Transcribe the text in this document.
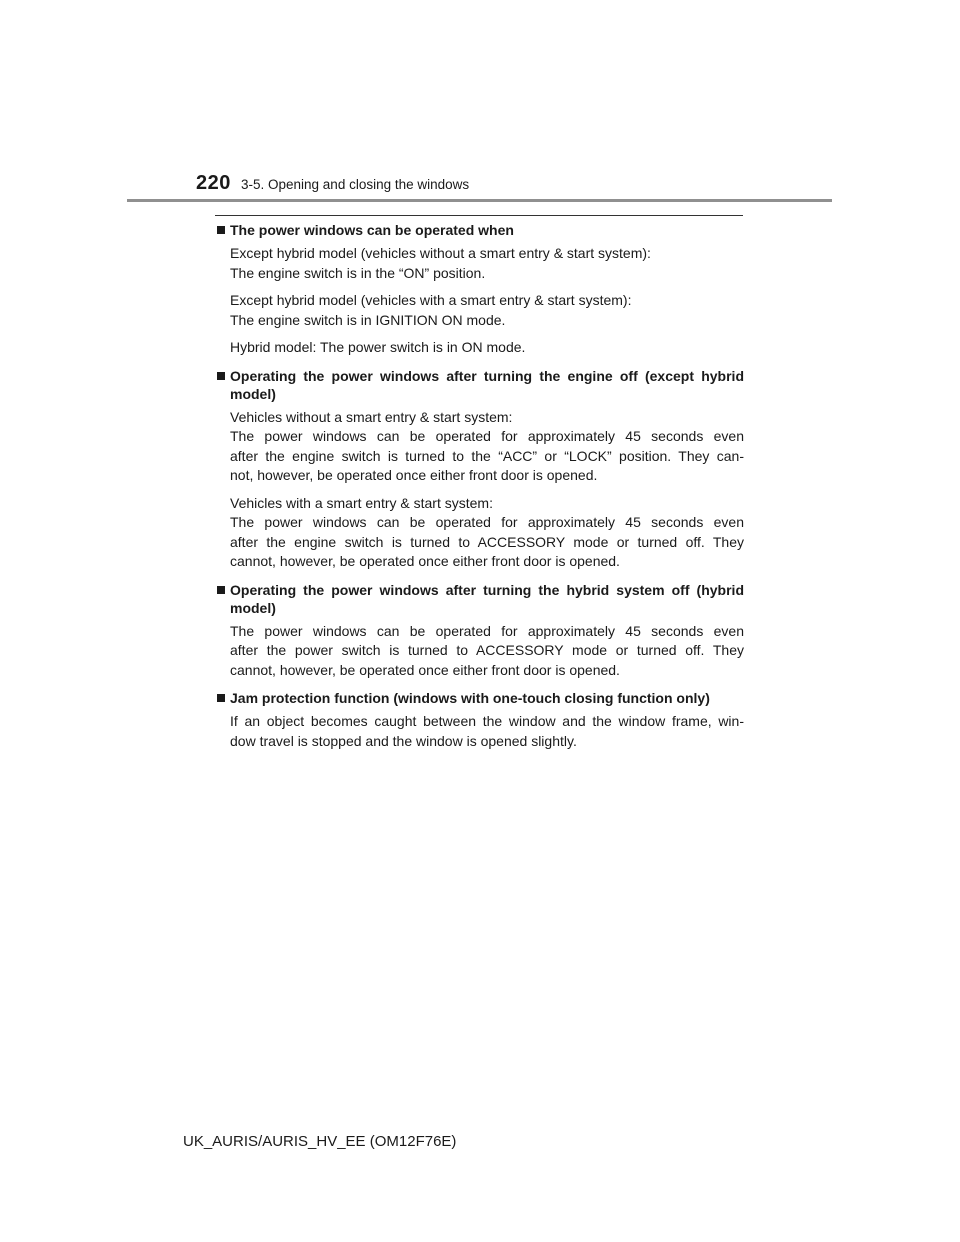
220 3-5. Opening and closing the windows
The power windows can be operated when
Except hybrid model (vehicles without a smart entry & start system):
The engine switch is in the “ON” position.
Except hybrid model (vehicles with a smart entry & start system):
The engine switch is in IGNITION ON mode.
Hybrid model: The power switch is in ON mode.
Operating the power windows after turning the engine off (except hybrid model)
Vehicles without a smart entry & start system:
The power windows can be operated for approximately 45 seconds even
after the engine switch is turned to the “ACC” or “LOCK” position. They can-
not, however, be operated once either front door is opened.
Vehicles with a smart entry & start system:
The power windows can be operated for approximately 45 seconds even
after the engine switch is turned to ACCESSORY mode or turned off. They
cannot, however, be operated once either front door is opened.
Operating the power windows after turning the hybrid system off (hybrid model)
The power windows can be operated for approximately 45 seconds even
after the power switch is turned to ACCESSORY mode or turned off. They
cannot, however, be operated once either front door is opened.
Jam protection function (windows with one-touch closing function only)
If an object becomes caught between the window and the window frame, win-
dow travel is stopped and the window is opened slightly.
UK_AURIS/AURIS_HV_EE (OM12F76E)
